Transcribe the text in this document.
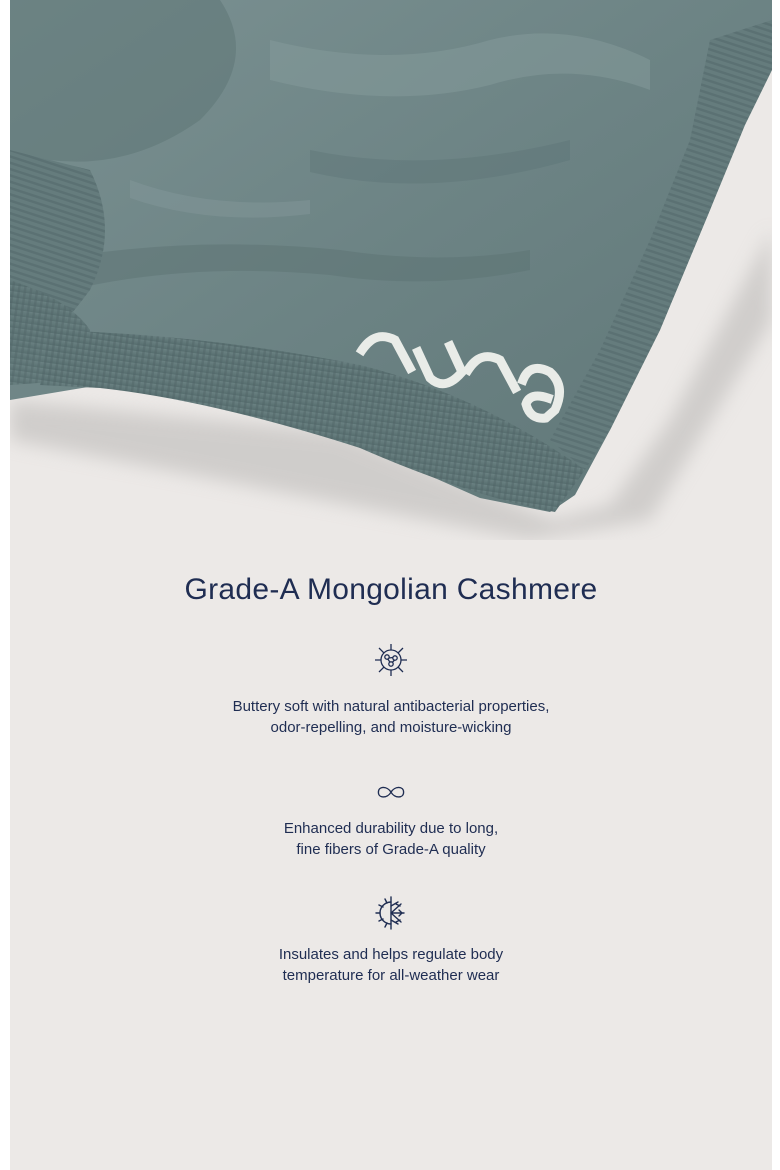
Grade-A Mongolian Cashmere
Buttery soft with natural antibacterial properties,
odor-repelling, and moisture-wicking
Enhanced durability due to long,
fine fibers of Grade-A quality
Insulates and helps regulate body
temperature for all-weather wear
